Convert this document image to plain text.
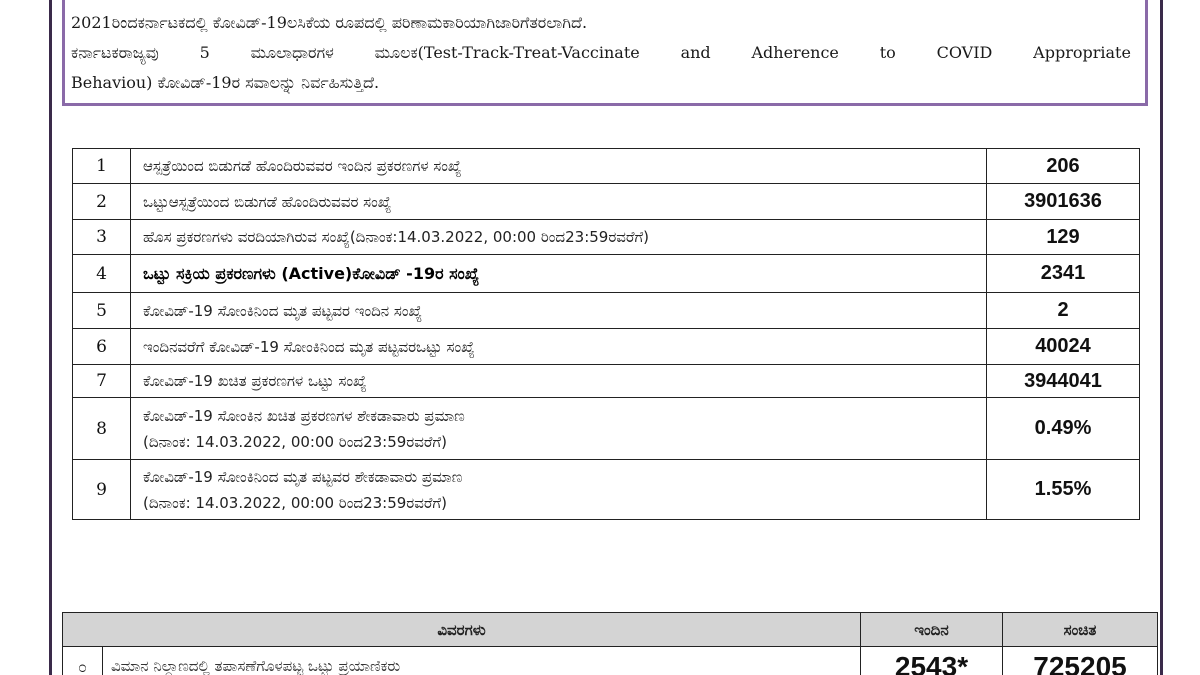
2021ರಿಂದಕರ್ನಾಟಕದಲ್ಲಿ ಕೋವಿಡ್-19ಲಸಿಕೆಯ ರೂಪದಲ್ಲಿ ಪರಿಣಾಮಕಾರಿಯಾಗಿಜಾರಿಗೆತರಲಾಗಿದೆ.
ಕರ್ನಾಟಕರಾಜ್ಯವು	5	ಮೂಲಾಧಾರಗಳ	ಮೂಲಕ(Test-Track-Treat-Vaccinate	and	Adherence	to	COVID	Appropriate
Behaviou) ಕೋವಿಡ್-19ರ ಸವಾಲನ್ನು ನಿರ್ವಹಿಸುತ್ತಿದೆ.
1	ಆಸ್ಪತ್ರೆಯಿಂದ ಬಿಡುಗಡೆ ಹೊಂದಿರುವವರ ಇಂದಿನ ಪ್ರಕರಣಗಳ ಸಂಖ್ಯೆ	206
2	ಒಟ್ಟುಆಸ್ಪತ್ರೆಯಿಂದ ಬಿಡುಗಡೆ ಹೊಂದಿರುವವರ ಸಂಖ್ಯೆ	3901636
3	ಹೊಸ ಪ್ರಕರಣಗಳು ವರದಿಯಾಗಿರುವ ಸಂಖ್ಯೆ(ದಿನಾಂಕ:14.03.2022, 00:00 ರಿಂದ23:59ರವರೆಗೆ)	129
4	ಒಟ್ಟು ಸಕ್ರಿಯ ಪ್ರಕರಣಗಳು (Active)ಕೋವಿಡ್ -19ರ ಸಂಖ್ಯೆ	2341
5	ಕೋವಿಡ್-19 ಸೋಂಕಿನಿಂದ ಮೃತ ಪಟ್ಟವರ ಇಂದಿನ ಸಂಖ್ಯೆ	2
6	ಇಂದಿನವರೆಗೆ ಕೋವಿಡ್-19 ಸೋಂಕಿನಿಂದ ಮೃತ ಪಟ್ಟವರಒಟ್ಟು ಸಂಖ್ಯೆ	40024
7	ಕೋವಿಡ್-19 ಖಚಿತ ಪ್ರಕರಣಗಳ ಒಟ್ಟು ಸಂಖ್ಯೆ	3944041
8	ಕೋವಿಡ್-19 ಸೋಂಕಿನ ಖಚಿತ ಪ್ರಕರಣಗಳ ಶೇಕಡಾವಾರು ಪ್ರಮಾಣ
(ದಿನಾಂಕ: 14.03.2022, 00:00 ರಿಂದ23:59ರವರೆಗೆ)	0.49%
9	ಕೋವಿಡ್-19 ಸೋಂಕಿನಿಂದ ಮೃತ ಪಟ್ಟವರ ಶೇಕಡಾವಾರು ಪ್ರಮಾಣ
(ದಿನಾಂಕ: 14.03.2022, 00:00 ರಿಂದ23:59ರವರೆಗೆ)	1.55%
ವಿವರಗಳು		ಇಂದಿನ	ಸಂಚಿತ
೦	ವಿಮಾನ ನಿಲ್ದಾಣದಲ್ಲಿ ತಪಾಸಣೆಗೊಳಪಟ್ಟ ಒಟ್ಟು ಪ್ರಯಾಣಿಕರು	2543*	725205
